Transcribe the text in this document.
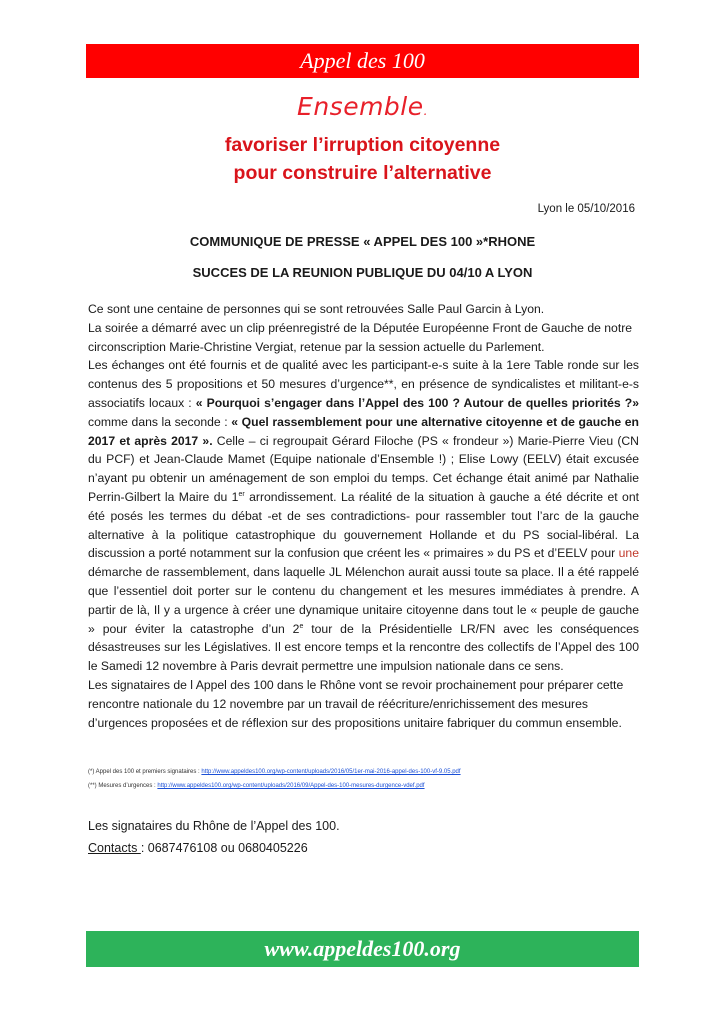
Appel des 100
Ensemble.
favoriser l’irruption citoyenne
pour construire l’alternative
Lyon le 05/10/2016
COMMUNIQUE DE PRESSE « APPEL DES 100 »*RHONE
SUCCES DE LA REUNION PUBLIQUE DU 04/10 A LYON

Ce sont une centaine de personnes qui se sont retrouvées Salle Paul Garcin à Lyon.

La soirée a démarré avec un clip préenregistré de la Députée Européenne Front de Gauche de notre circonscription Marie-Christine Vergiat, retenue par la session actuelle du Parlement.

Les échanges ont été fournis et de qualité avec les participant-e-s suite à la 1ere Table ronde sur les contenus des 5 propositions et 50 mesures d’urgence**, en présence de syndicalistes et militant-e-s associatifs locaux : « Pourquoi s’engager dans l’Appel des 100 ? Autour de quelles priorités ?» comme dans la seconde : « Quel rassemblement pour une alternative citoyenne et de gauche en 2017 et après 2017 ». Celle – ci regroupait Gérard Filoche (PS « frondeur ») Marie-Pierre Vieu (CN du PCF) et Jean-Claude Mamet (Equipe nationale d’Ensemble !) ; Elise Lowy (EELV) était excusée n’ayant pu obtenir un aménagement de son emploi du temps. Cet échange était animé par Nathalie Perrin-Gilbert la Maire du 1er arrondissement. La réalité de la situation à gauche a été décrite et ont été posés les termes du débat -et de ses contradictions- pour rassembler tout l’arc de la gauche alternative à la politique catastrophique du gouvernement Hollande et du PS social-libéral. La discussion a porté notamment sur la confusion que créent les « primaires » du PS et d’EELV pour une démarche de rassemblement, dans laquelle JL Mélenchon aurait aussi toute sa place. Il a été rappelé que l’essentiel doit porter sur le contenu du changement et les mesures immédiates à prendre. A partir de là, Il y a urgence à créer une dynamique unitaire citoyenne dans tout le « peuple de gauche » pour éviter la catastrophe d’un 2e tour de la Présidentielle LR/FN avec les conséquences désastreuses sur les Législatives. Il est encore temps et la rencontre des collectifs de l’Appel des 100 le Samedi 12 novembre à Paris devrait permettre une impulsion nationale dans ce sens.

Les signataires de l Appel des 100 dans le Rhône vont se revoir prochainement pour préparer cette rencontre nationale du 12 novembre par un travail de réécriture/enrichissement des mesures d’urgences proposées et de réflexion sur des propositions unitaire fabriquer du commun ensemble.

(*) Appel des 100 et premiers signataires : http://www.appeldes100.org/wp-content/uploads/2016/05/1er-mai-2016-appel-des-100-vf-9.05.pdf
(**) Mesures d’urgences : http://www.appeldes100.org/wp-content/uploads/2016/09/Appel-des-100-mesures-durgence-vdef.pdf
Les signataires du Rhône de l’Appel des 100.
Contacts : 0687476108 ou 0680405226
www.appeldes100.org
